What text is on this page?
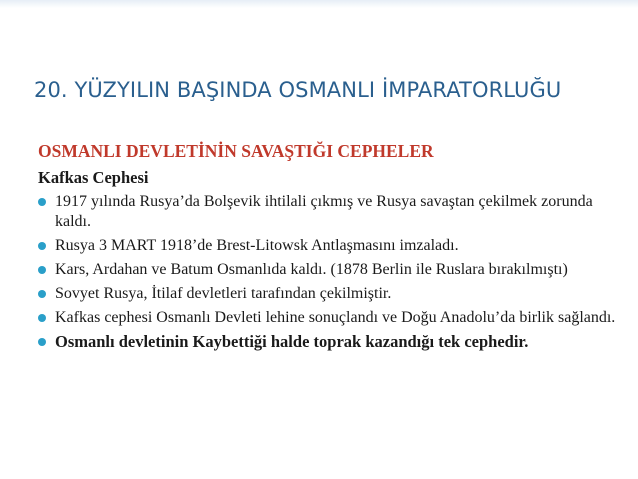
20. YÜZYILIN BAŞINDA OSMANLI İMPARATORLUĞU
OSMANLI DEVLETİNİN SAVAŞTIĞI CEPHELER
Kafkas Cephesi
1917 yılında Rusya’da Bolşevik ihtilali çıkmış ve Rusya savaştan çekilmek zorunda kaldı.
Rusya 3 MART 1918’de Brest-Litowsk Antlaşmasını imzaladı.
Kars, Ardahan ve Batum Osmanlıda kaldı. (1878 Berlin ile Ruslara bırakılmıştı)
Sovyet Rusya, İtilaf devletleri tarafından çekilmiştir.
Kafkas cephesi Osmanlı Devleti lehine sonuçlandı ve Doğu Anadolu’da birlik sağlandı.
Osmanlı devletinin Kaybettiği halde toprak kazandığı tek cephedir.
